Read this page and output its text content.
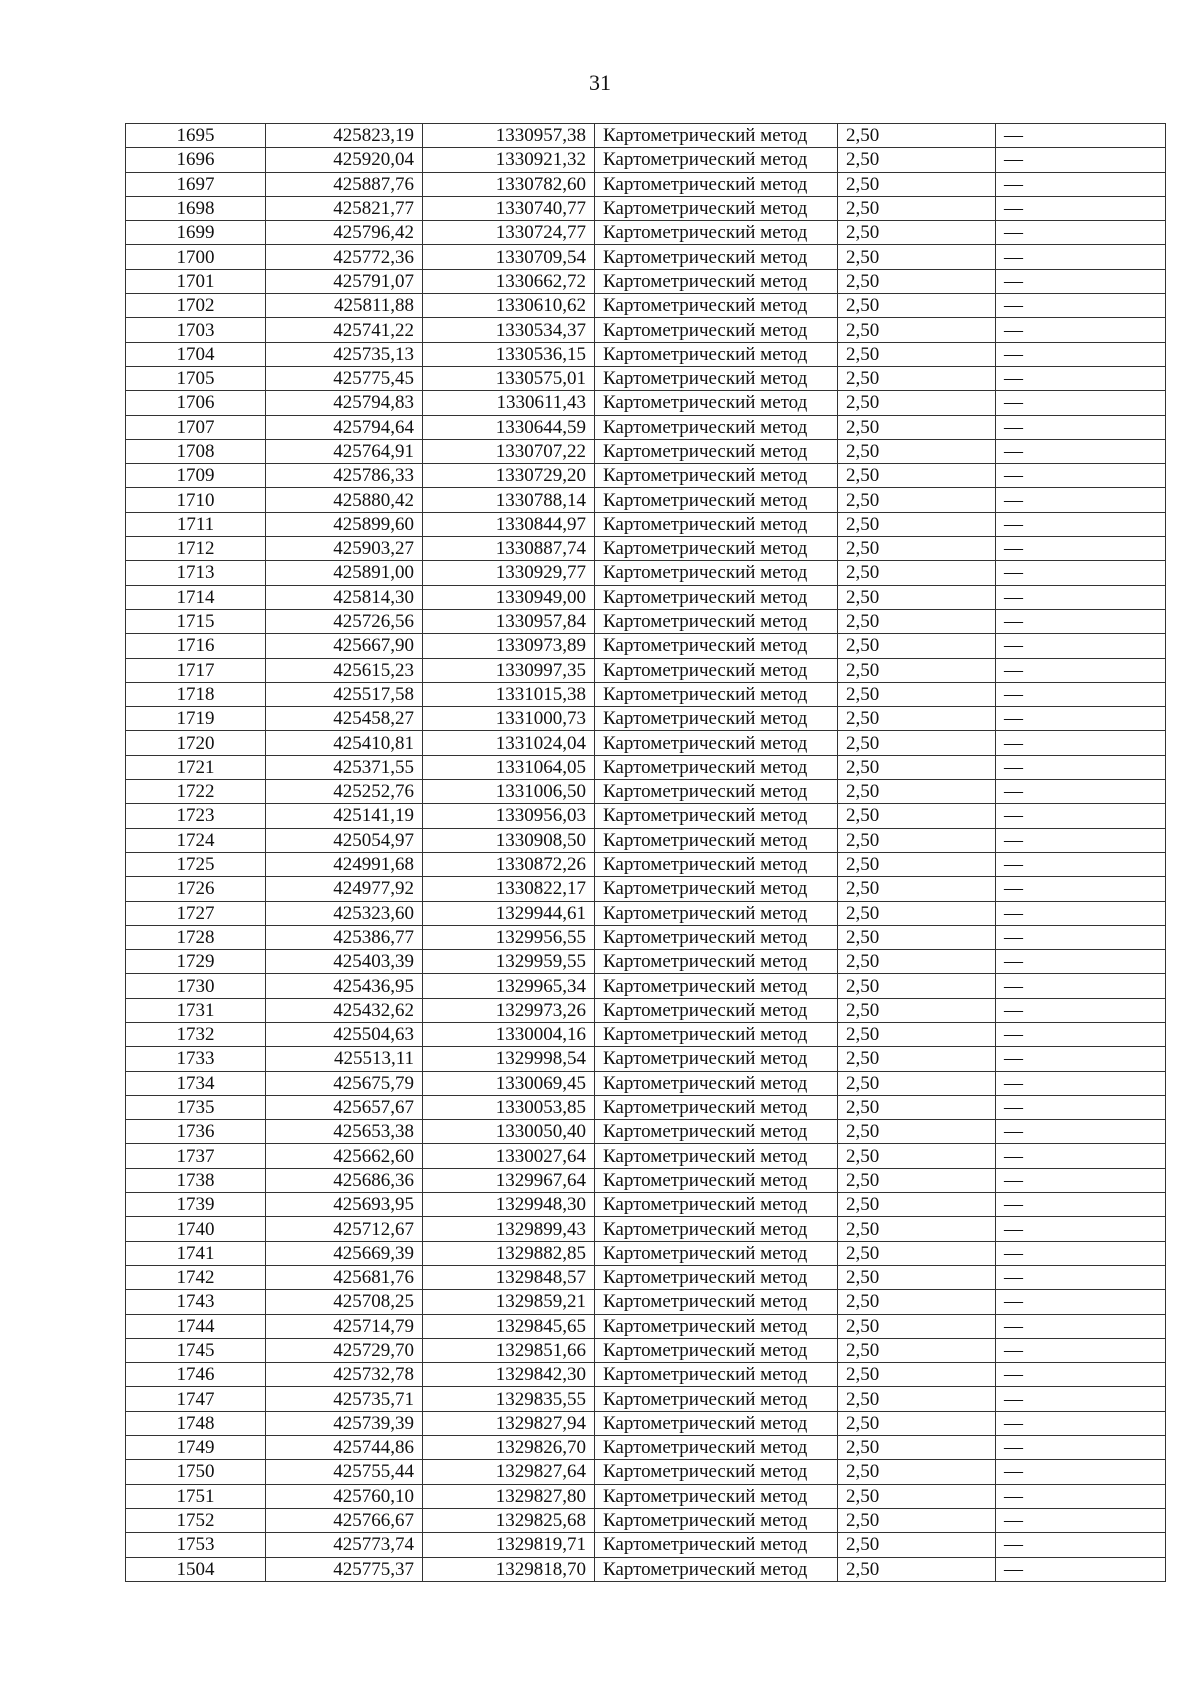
31
1695	425823,19	1330957,38	Картометрический метод	2,50	—
1696	425920,04	1330921,32	Картометрический метод	2,50	—
1697	425887,76	1330782,60	Картометрический метод	2,50	—
1698	425821,77	1330740,77	Картометрический метод	2,50	—
1699	425796,42	1330724,77	Картометрический метод	2,50	—
1700	425772,36	1330709,54	Картометрический метод	2,50	—
1701	425791,07	1330662,72	Картометрический метод	2,50	—
1702	425811,88	1330610,62	Картометрический метод	2,50	—
1703	425741,22	1330534,37	Картометрический метод	2,50	—
1704	425735,13	1330536,15	Картометрический метод	2,50	—
1705	425775,45	1330575,01	Картометрический метод	2,50	—
1706	425794,83	1330611,43	Картометрический метод	2,50	—
1707	425794,64	1330644,59	Картометрический метод	2,50	—
1708	425764,91	1330707,22	Картометрический метод	2,50	—
1709	425786,33	1330729,20	Картометрический метод	2,50	—
1710	425880,42	1330788,14	Картометрический метод	2,50	—
1711	425899,60	1330844,97	Картометрический метод	2,50	—
1712	425903,27	1330887,74	Картометрический метод	2,50	—
1713	425891,00	1330929,77	Картометрический метод	2,50	—
1714	425814,30	1330949,00	Картометрический метод	2,50	—
1715	425726,56	1330957,84	Картометрический метод	2,50	—
1716	425667,90	1330973,89	Картометрический метод	2,50	—
1717	425615,23	1330997,35	Картометрический метод	2,50	—
1718	425517,58	1331015,38	Картометрический метод	2,50	—
1719	425458,27	1331000,73	Картометрический метод	2,50	—
1720	425410,81	1331024,04	Картометрический метод	2,50	—
1721	425371,55	1331064,05	Картометрический метод	2,50	—
1722	425252,76	1331006,50	Картометрический метод	2,50	—
1723	425141,19	1330956,03	Картометрический метод	2,50	—
1724	425054,97	1330908,50	Картометрический метод	2,50	—
1725	424991,68	1330872,26	Картометрический метод	2,50	—
1726	424977,92	1330822,17	Картометрический метод	2,50	—
1727	425323,60	1329944,61	Картометрический метод	2,50	—
1728	425386,77	1329956,55	Картометрический метод	2,50	—
1729	425403,39	1329959,55	Картометрический метод	2,50	—
1730	425436,95	1329965,34	Картометрический метод	2,50	—
1731	425432,62	1329973,26	Картометрический метод	2,50	—
1732	425504,63	1330004,16	Картометрический метод	2,50	—
1733	425513,11	1329998,54	Картометрический метод	2,50	—
1734	425675,79	1330069,45	Картометрический метод	2,50	—
1735	425657,67	1330053,85	Картометрический метод	2,50	—
1736	425653,38	1330050,40	Картометрический метод	2,50	—
1737	425662,60	1330027,64	Картометрический метод	2,50	—
1738	425686,36	1329967,64	Картометрический метод	2,50	—
1739	425693,95	1329948,30	Картометрический метод	2,50	—
1740	425712,67	1329899,43	Картометрический метод	2,50	—
1741	425669,39	1329882,85	Картометрический метод	2,50	—
1742	425681,76	1329848,57	Картометрический метод	2,50	—
1743	425708,25	1329859,21	Картометрический метод	2,50	—
1744	425714,79	1329845,65	Картометрический метод	2,50	—
1745	425729,70	1329851,66	Картометрический метод	2,50	—
1746	425732,78	1329842,30	Картометрический метод	2,50	—
1747	425735,71	1329835,55	Картометрический метод	2,50	—
1748	425739,39	1329827,94	Картометрический метод	2,50	—
1749	425744,86	1329826,70	Картометрический метод	2,50	—
1750	425755,44	1329827,64	Картометрический метод	2,50	—
1751	425760,10	1329827,80	Картометрический метод	2,50	—
1752	425766,67	1329825,68	Картометрический метод	2,50	—
1753	425773,74	1329819,71	Картометрический метод	2,50	—
1504	425775,37	1329818,70	Картометрический метод	2,50	—
